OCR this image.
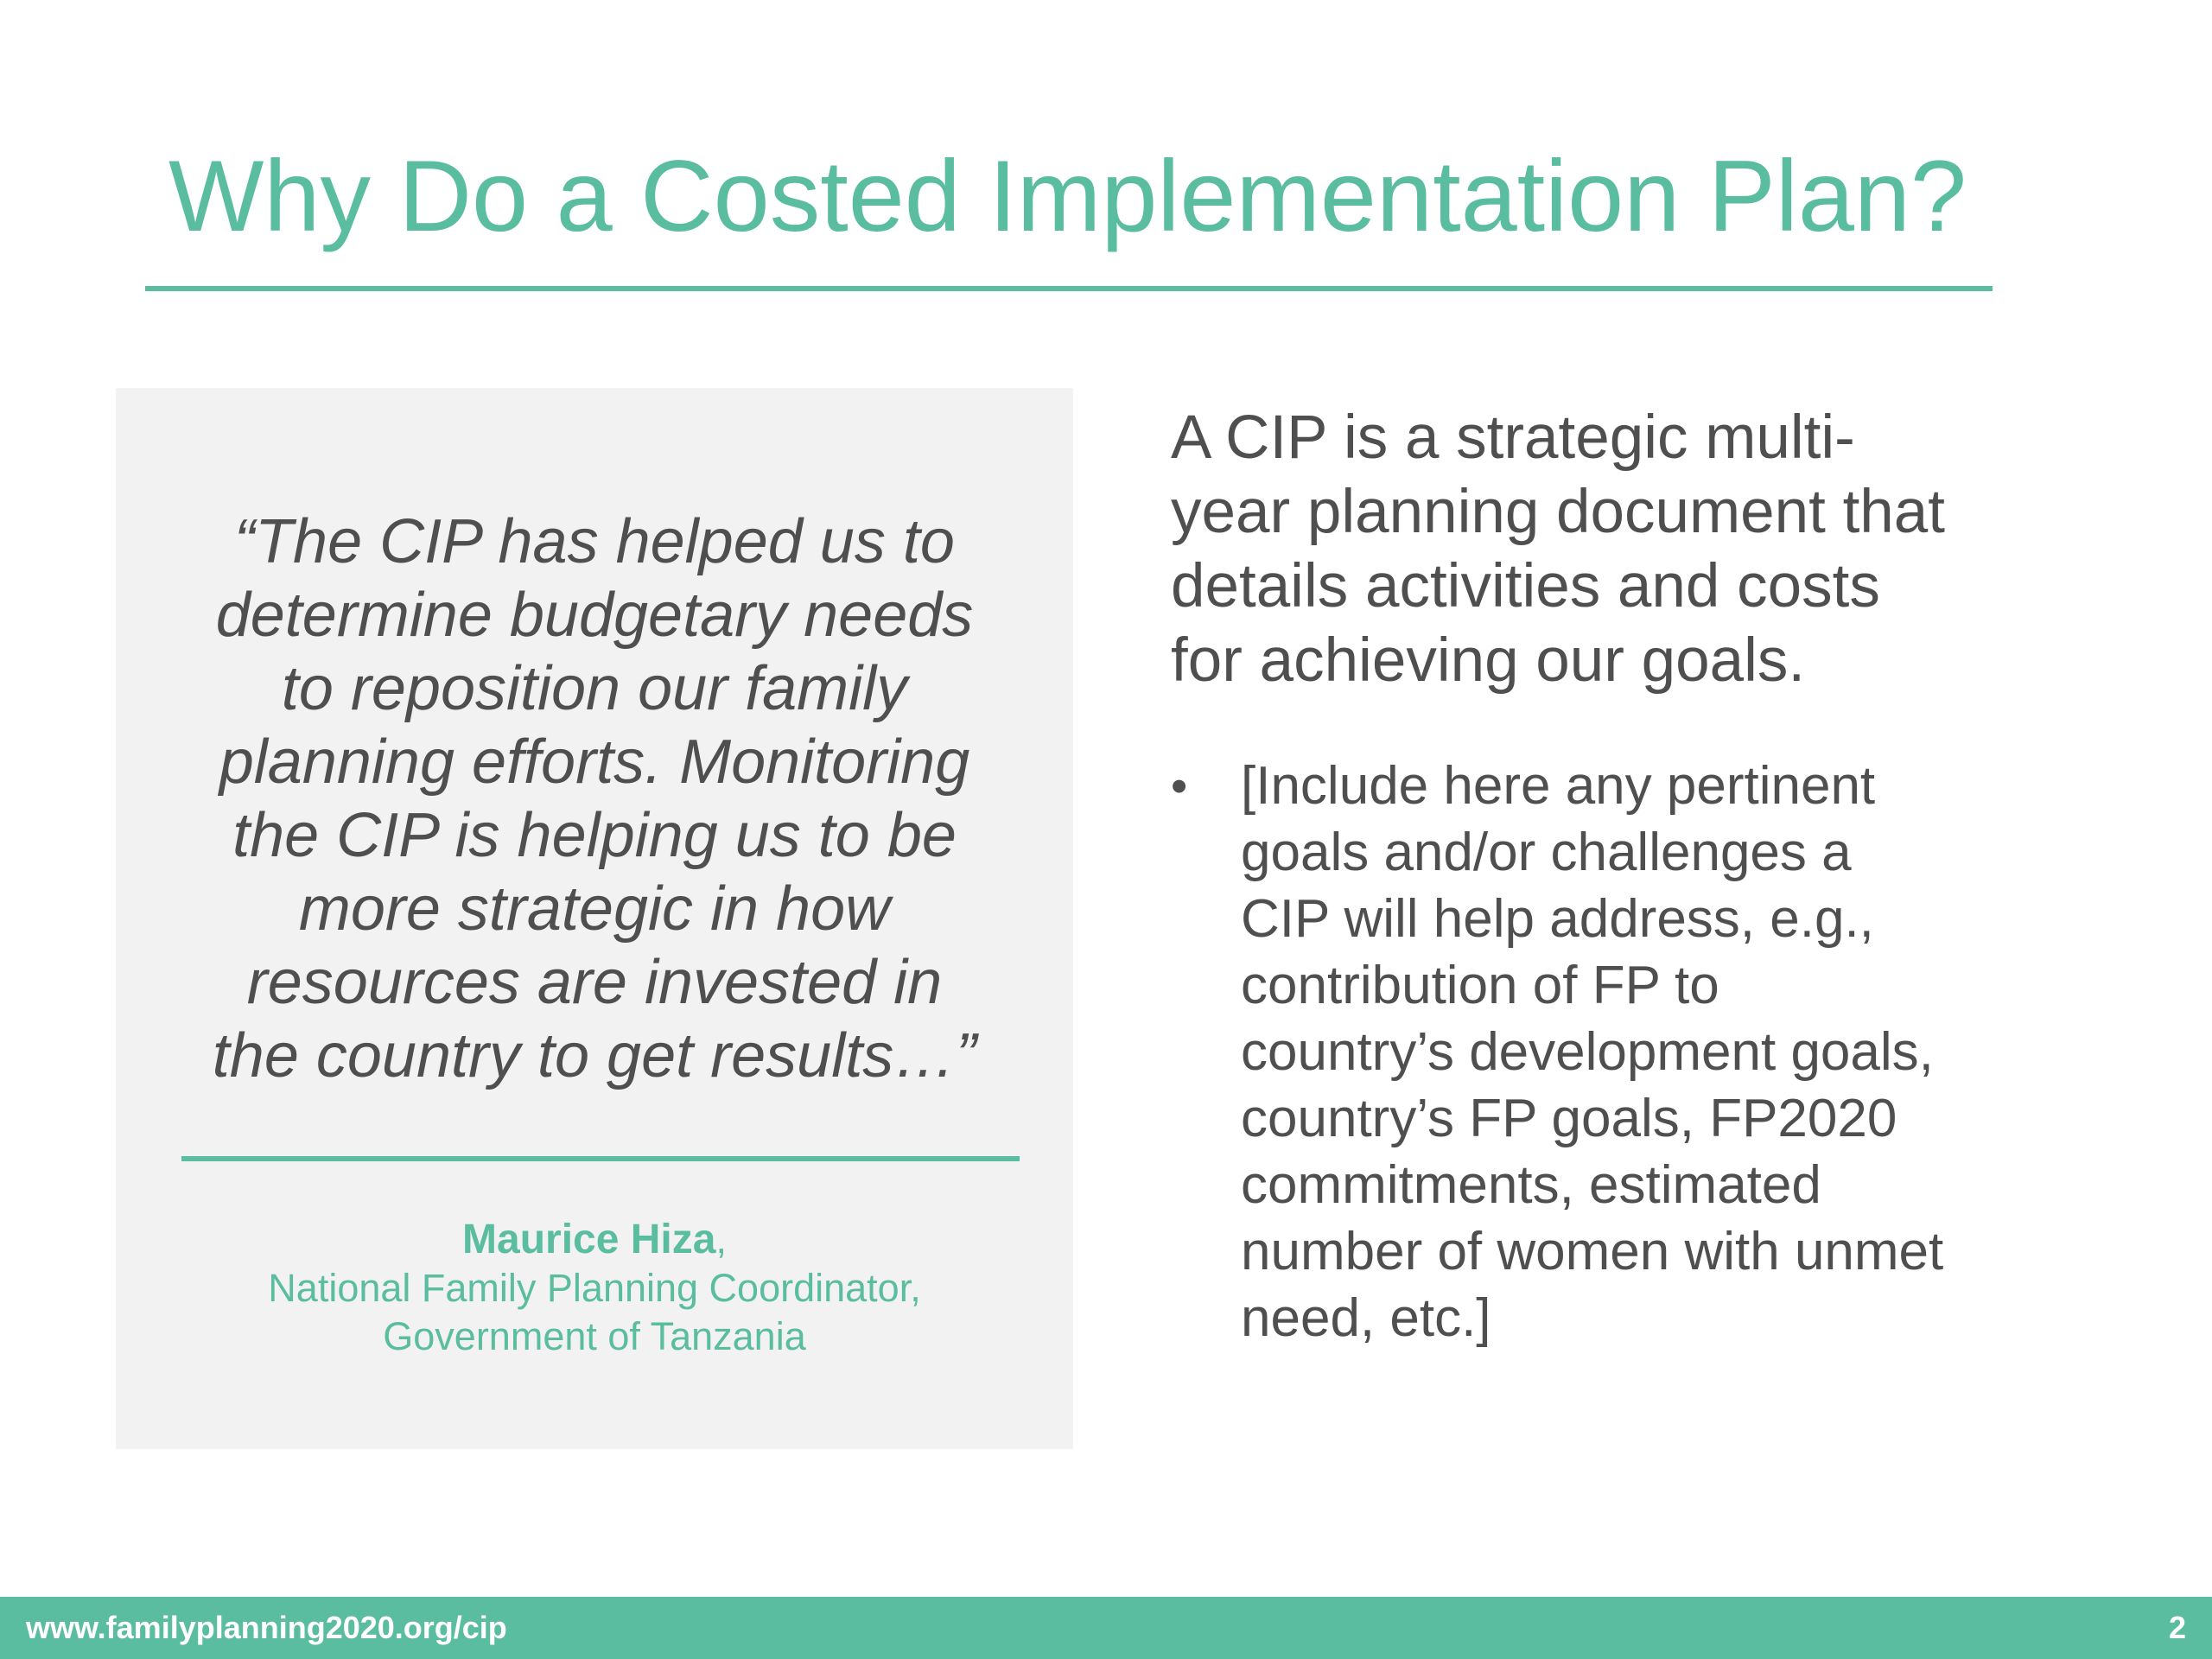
Why Do a Costed Implementation Plan?

“The CIP has helped us to
determine budgetary needs
to reposition our family
planning efforts. Monitoring
the CIP is helping us to be
more strategic in how
resources are invested in
the country to get results…”

Maurice Hiza,
National Family Planning Coordinator,
Government of Tanzania

A CIP is a strategic multi-
year planning document that
details activities and costs
for achieving our goals.

• [Include here any pertinent
goals and/or challenges a
CIP will help address, e.g.,
contribution of FP to
country’s development goals,
country’s FP goals, FP2020
commitments, estimated
number of women with unmet
need, etc.]
www.familyplanning2020.org/cip	2
